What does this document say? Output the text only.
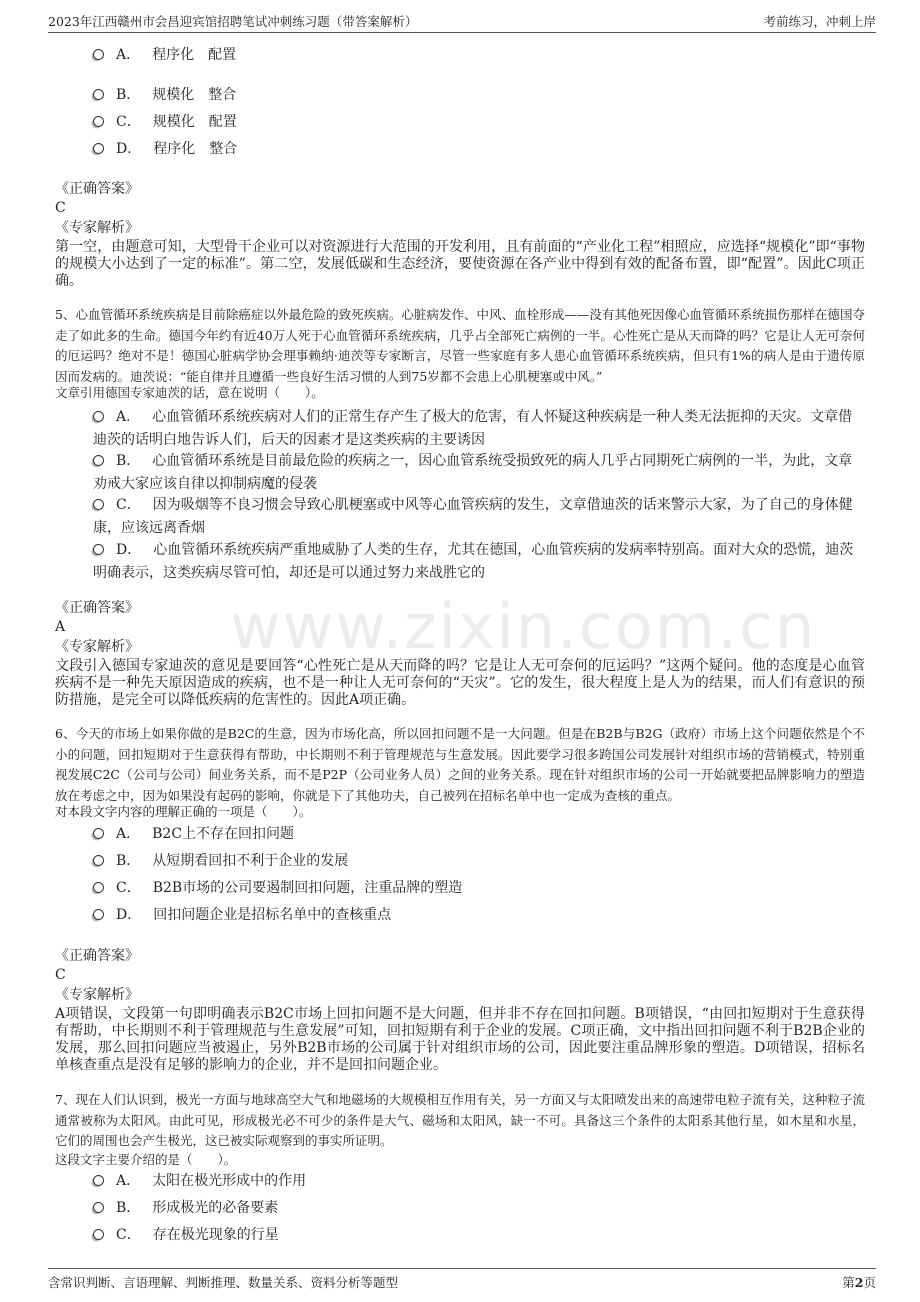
2023年江西赣州市会昌迎宾馆招聘笔试冲刺练习题（带答案解析）	考前练习，冲刺上岸
www.zixin.com.cn
A． 程序化　配置
B． 规模化　整合
C． 规模化　配置
D． 程序化　整合
《正确答案》
C
《专家解析》
第一空，由题意可知，大型骨干企业可以对资源进行大范围的开发利用，且有前面的“产业化工程”相照应，应选择“规模化”即“事物的规模大小达到了一定的标准”。第二空，发展低碳和生态经济，要使资源在各产业中得到有效的配备布置，即“配置”。因此C项正确。
5、心血管循环系统疾病是目前除癌症以外最危险的致死疾病。心脏病发作、中风、血栓形成——没有其他死因像心血管循环系统损伤那样在德国夺走了如此多的生命。德国今年约有近40万人死于心血管循环系统疾病，几乎占全部死亡病例的一半。心性死亡是从天而降的吗？它是让人无可奈何的厄运吗？绝对不是！德国心脏病学协会理事赖纳·迪茨等专家断言，尽管一些家庭有多人患心血管循环系统疾病，但只有1%的病人是由于遗传原因而发病的。迪茨说：“能自律并且遵循一些良好生活习惯的人到75岁都不会患上心肌梗塞或中风。”
文章引用德国专家迪茨的话，意在说明（　　）。
A． 心血管循环系统疾病对人们的正常生存产生了极大的危害，有人怀疑这种疾病是一种人类无法扼抑的天灾。文章借迪茨的话明白地告诉人们，后天的因素才是这类疾病的主要诱因
B． 心血管循环系统是目前最危险的疾病之一，因心血管系统受损致死的病人几乎占同期死亡病例的一半，为此，文章劝戒大家应该自律以抑制病魔的侵袭
C． 因为吸烟等不良习惯会导致心肌梗塞或中风等心血管疾病的发生，文章借迪茨的话来警示大家，为了自己的身体健康，应该远离香烟
D． 心血管循环系统疾病严重地威胁了人类的生存，尤其在德国，心血管疾病的发病率特别高。面对大众的恐慌，迪茨明确表示，这类疾病尽管可怕，却还是可以通过努力来战胜它的
《正确答案》
A
《专家解析》
文段引入德国专家迪茨的意见是要回答“心性死亡是从天而降的吗？它是让人无可奈何的厄运吗？”这两个疑问。他的态度是心血管疾病不是一种先天原因造成的疾病，也不是一种让人无可奈何的“天灾”。它的发生，很大程度上是人为的结果，而人们有意识的预防措施，是完全可以降低疾病的危害性的。因此A项正确。
6、今天的市场上如果你做的是B2C的生意，因为市场化高，所以回扣问题不是一大问题。但是在B2B与B2G（政府）市场上这个问题依然是个不小的问题，回扣短期对于生意获得有帮助，中长期则不利于管理规范与生意发展。因此要学习很多跨国公司发展针对组织市场的营销模式，特别重视发展C2C（公司与公司）间业务关系，而不是P2P（公司业务人员）之间的业务关系。现在针对组织市场的公司一开始就要把品牌影响力的塑造放在考虑之中，因为如果没有起码的影响，你就是下了其他功夫，自己被列在招标名单中也一定成为查核的重点。
对本段文字内容的理解正确的一项是（　　）。
A． B2C上不存在回扣问题
B． 从短期看回扣不利于企业的发展
C． B2B市场的公司要遏制回扣问题，注重品牌的塑造
D． 回扣问题企业是招标名单中的查核重点
《正确答案》
C
《专家解析》
A项错误，文段第一句即明确表示B2C市场上回扣问题不是大问题，但并非不存在回扣问题。B项错误，“由回扣短期对于生意获得有帮助，中长期则不利于管理规范与生意发展”可知，回扣短期有利于企业的发展。C项正确，文中指出回扣问题不利于B2B企业的发展，那么回扣问题应当被遏止，另外B2B市场的公司属于针对组织市场的公司，因此要注重品牌形象的塑造。D项错误，招标名单核查重点是没有足够的影响力的企业，并不是回扣问题企业。
7、现在人们认识到，极光一方面与地球高空大气和地磁场的大规模相互作用有关，另一方面又与太阳喷发出来的高速带电粒子流有关，这种粒子流通常被称为太阳风。由此可见，形成极光必不可少的条件是大气、磁场和太阳风，缺一不可。具备这三个条件的太阳系其他行星，如木星和水星，它们的周围也会产生极光，这已被实际观察到的事实所证明。
这段文字主要介绍的是（　　）。
A． 太阳在极光形成中的作用
B． 形成极光的必备要素
C． 存在极光现象的行星
含常识判断、言语理解、判断推理、数量关系、资料分析等题型	第2页
